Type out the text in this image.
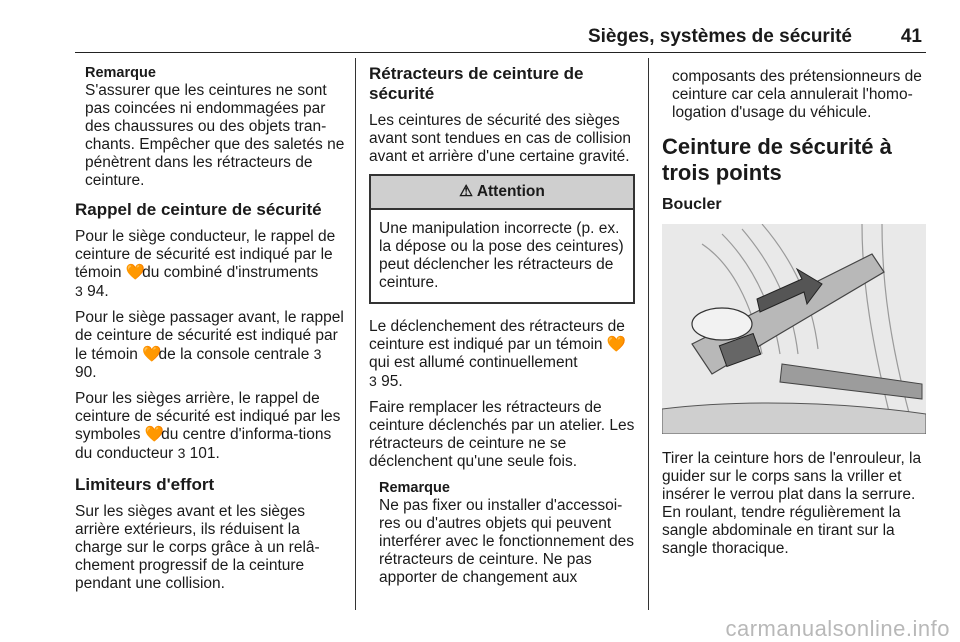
Sièges, systèmes de sécurité	41
Remarque
S'assurer que les ceintures ne sont pas coincées ni endommagées par des chaussures ou des objets tran-chants. Empêcher que des saletés ne pénètrent dans les rétracteurs de ceinture.
Rappel de ceinture de sécurité

Pour le siège conducteur, le rappel de ceinture de sécurité est indiqué par le témoin 🧡 du combiné d'instruments
3 94.

Pour le siège passager avant, le rappel de ceinture de sécurité est indiqué par le témoin 🧡 de la console centrale 3 90.

Pour les sièges arrière, le rappel de ceinture de sécurité est indiqué par les symboles 🧡 du centre d'informa-tions du conducteur 3 101.

Limiteurs d'effort

Sur les sièges avant et les sièges arrière extérieurs, ils réduisent la charge sur le corps grâce à un relâ-chement progressif de la ceinture pendant une collision.

Rétracteurs de ceinture de sécurité

Les ceintures de sécurité des sièges avant sont tendues en cas de collision avant et arrière d'une certaine gravité.

⚠ Attention
Une manipulation incorrecte (p. ex. la dépose ou la pose des ceintures) peut déclencher les rétracteurs de ceinture.

Le déclenchement des rétracteurs de ceinture est indiqué par un témoin 🧡 qui est allumé continuellement
3 95.

Faire remplacer les rétracteurs de ceinture déclenchés par un atelier. Les rétracteurs de ceinture ne se déclenchent qu'une seule fois.

Remarque
Ne pas fixer ou installer d'accessoi-res ou d'autres objets qui peuvent interférer avec le fonctionnement des rétracteurs de ceinture. Ne pas apporter de changement aux
composants des prétensionneurs de ceinture car cela annulerait l'homo-logation d'usage du véhicule.
Ceinture de sécurité à trois points
Boucler

Tirer la ceinture hors de l'enrouleur, la guider sur le corps sans la vriller et insérer le verrou plat dans la serrure. En roulant, tendre régulièrement la sangle abdominale en tirant sur la sangle thoracique.

carmanualsonline.info
